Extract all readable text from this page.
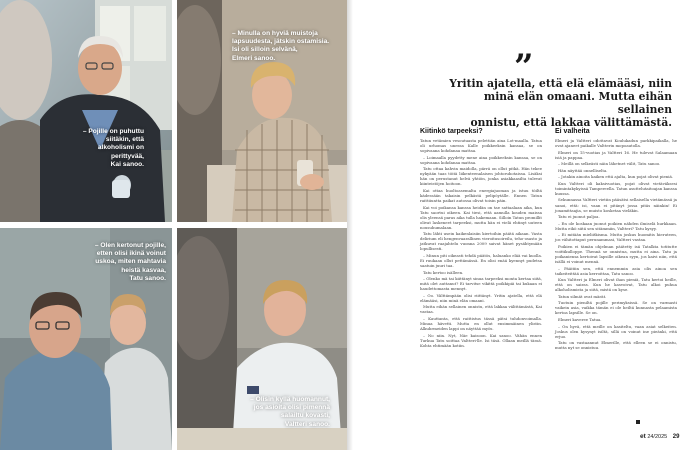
– Pojille on puhuttu
siitäkin, että
alkoholismi on
perittyvää,
Kai sanoo.
– Minulla on hyviä muistoja
lapsuudesta, jätskin ostamisia.
Isi oli silloin selvänä,
Elmeri sanoo.
– Olen kertonut pojille,
etten olisi ikinä voinut
uskoa, miten mahtavia
heistä kasvaa,
Tatu sanoo.
– Olisin kyllä huomannut,
jos asioita olisi pimennä
salailtu kovasti,
Valtteri sanoo.
”
Yritin ajatella, että elä elämääsi, niin
minä elän omaani. Mutta eihän sellainen
onnistu, että lakkaa välittämästä.
Kiitinkö tarpeeksi?

Tatun vetämien vesoutuasta pelettiän aina Lot-maalla. Tatua oli urhomas unessa Kalle poikkeeksin kansaa, se on sopivaana kohdanaa mattaa.

– Loimaalla pyydetty mene aina poikkeeksin kansaa, se on sopivaana kohdanaa mattaa.

Tatu ottaa kahvin maidolla, pärrä on ollut pitkä. Hän tekee nykyään taas töitä liikenteenalaisen johtoruhotaissa. Lisäksi hän on perustanut helvä yhtiön, jonka asiakkaasilta tulevat kiinteistöjen hoitoon.

Kai ottaa huoltoasemalta energiajuoman ja istuu töiltä kädessään takaisin pelkästä pelipöytälle. Ennen Tatun raittiiuntta paikat autossa olivat toisin päin.

Kai voi poikansa kanssa heidän on tae sattaalaan aika, kun Tatu saortui oikeen. Kai tiesi, että aamulla kouden maissa olis yleensä paras aika tulla hakemaan. Silloin Tatun promillit olivat laskeneet tarpeeksi, mutta hän ei vielä ehtinyt uuteen nousuhumalaan.

Tatu lähti usein kaikenlaisiin kiertoihin päätä aikaan. Vasta delirium eli hengenvaarallinen vieroitusoireilu, teho-osasto ja jatkuvat raajahtelu vuonna 2009 saivat hänet pysähtymään lopullisesti.

– Minun piti oikeasti tehdä päätös, haluanko elää vai kuolla. Ei ruukaan ollut pettämässä. En olisi enää kyennyt pudetsa saatuin juuri taa.

Tatu kertoo isälleen.

– Olenko mä tai kiittänyt sinua tarpeeksi monta kertaa siitä, mitä olet auttanut? Ei tarvitse vikittä poikkipäi tai kukaan ei haudettomasta mennyt.

– Oo. Välttämpään olisi riittänyt. Yritin ajatella, että elä elämääsi, niin minä elän omaani.

Mutta eihän sellainen onnistu, että lakkaa välittämästä, Kai vastaa.

– Kauttanta, että raittistus tässä pätsi tuhdonvoimalla. Minua hävetti. Mutta en ollut ensimmäinen ylistin. Alkuhrmeiden lappi on näyttää myös.

– No niin. Nyt, Näe kaisoon. Kai sanoo. Vähän ennen Turkua Tatu soittaa Valtteri-lle. Isi täsä. Ollaan meillä tässä. Kohta ehtimään kotiin.

Ei valheita

Elmeri ja Valtteri odottavat Koulukadun parkkipaikalla, he ovat ajaneet paikalle Valtterin mopoautolla.

Elmeri on 15-vuotias ja Valtteri 16. He tulevat Salaamaan isiä ja pappaa.

– Meillä on selkeästi näin lähetnet välit, Tatu sanoo.

Hän näyttää onnelliselta.

– Jotakin ainoita kaiken että ajalta, kun pojat olivat pieniä.

Kun Valtteri oli kaksivuotias, pojat olivat vietäväksesi toimintakykyissä Tampereella. Tatun asuttelutaitoajan kanssa kuussa.

Sekunnassa Valtteri vietiin pääsätsi sellaisella vietämässä ja sanoi, että: isi, vaan ei pitänyt jossa pitäs näinkin! Ei jonamittaajia, se muisto kosketaa vieläkin.

Tatu ei juonut paljoa.

– En ole koskaan juonut poikien nähden ilmiselä hurkkaan. Mutta eikö siitä sen sitämmiin, Valtteri? Tatu kysyy.

– Ei mitään mieliitkisma. Mutta joskus huomitis hieruteen, jos vähitottaput perunammasi, Valtteri vastaa.

Poikien ei tämän ohjelman päätetty isä Tatalkta totitutte voittikulloppe. Thennä se onnistua, mutta ei aina. Tatu ja poikaniensa kertoivat lapsille oikean syyn, jos kaivi niin, että isällä ei voinut mennä.

– Pääitiin sen, että ennemmin asia olis ainoa sen taikeiteittää asia kerroittaa, Tatu sanoo.

Kun Valtteri ja Elmeri olivat ihan pieniä, Tatu kertoi heille, että on sairas. Kun he kasvoivat, Tatu alkoi puhua alkoholismista ja siitä, mistä on kyse.

Tatun silmät ovat märät.

Tuotuin pieniltä pojille perimyksissä. Se on varmasti vaikein asia, vaikka tämän ei ole heiltä kunnasta pelaamista kertoa lapsille. Se on.

Elmeri kaveree Tatua.

– On hyvä, että meille on kasiteltu, vaan asiat selkeiten. Joskus olen kysynyt isiltä, sillä on voinut ine pieänki, että erjuo.

Tatu on vastaannut Elmerille, että elleen se ei onnistu, mutta nyt se onnistuu.

et 24/2025 29
